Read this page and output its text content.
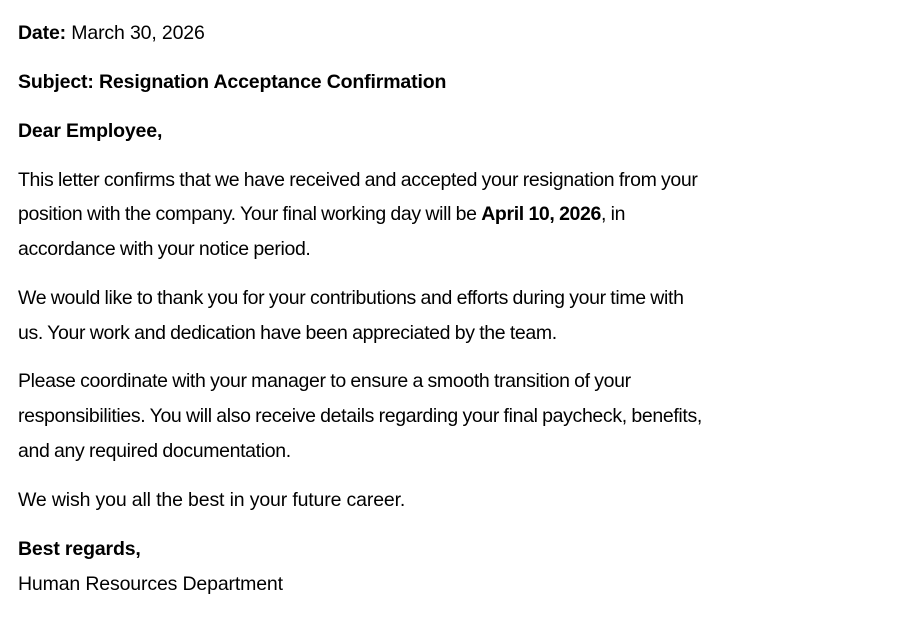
Date: March 30, 2026
Subject: Resignation Acceptance Confirmation
Dear Employee,
This letter confirms that we have received and accepted your resignation from your
position with the company. Your final working day will be April 10, 2026, in
accordance with your notice period.
We would like to thank you for your contributions and efforts during your time with
us. Your work and dedication have been appreciated by the team.
Please coordinate with your manager to ensure a smooth transition of your
responsibilities. You will also receive details regarding your final paycheck, benefits,
and any required documentation.
We wish you all the best in your future career.
Best regards,
Human Resources Department
